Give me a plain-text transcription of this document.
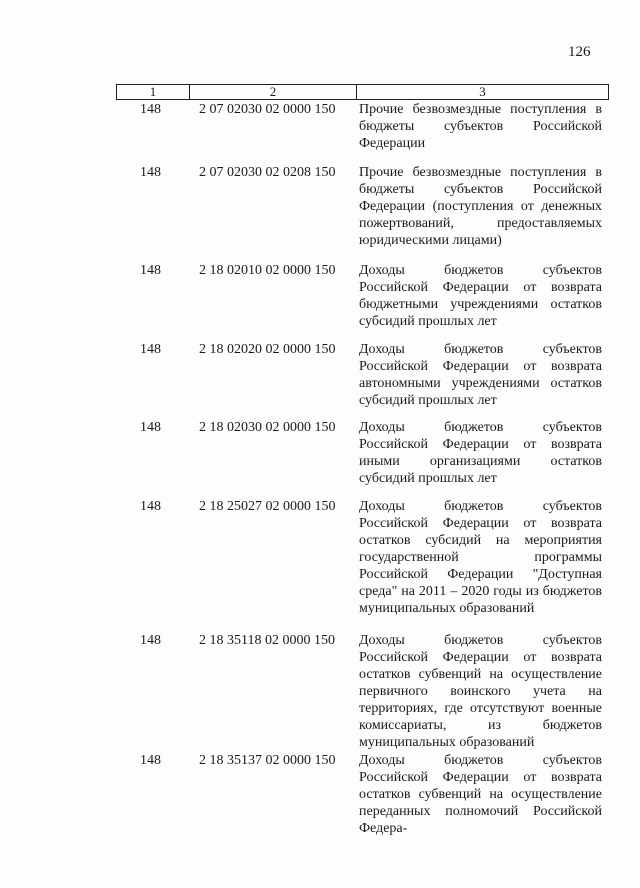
126
1	2	3
148	2 07 02030 02 0000 150 Прочие безвозмездные поступления в бюджеты субъектов Российской Федерации
148	2 07 02030 02 0208 150 Прочие безвозмездные поступления в бюджеты субъектов Российской Федерации (поступления от денежных пожертвований, предоставляемых юридическими лицами)
148	2 18 02010 02 0000 150 Доходы бюджетов субъектов Российской Федерации от возврата бюджетными учреждениями остатков субсидий прошлых лет
148	2 18 02020 02 0000 150 Доходы бюджетов субъектов Российской Федерации от возврата автономными учреждениями остатков субсидий прошлых лет
148	2 18 02030 02 0000 150 Доходы бюджетов субъектов Российской Федерации от возврата иными организациями остатков субсидий прошлых лет
148	2 18 25027 02 0000 150 Доходы бюджетов субъектов Российской Федерации от возврата остатков субсидий на мероприятия государственной программы Российской Федерации "Доступная среда" на 2011 – 2020 годы из бюджетов муниципальных образований
148	2 18 35118 02 0000 150 Доходы бюджетов субъектов Российской Федерации от возврата остатков субвенций на осуществление первичного воинского учета на территориях, где отсутствуют военные комиссариаты, из бюджетов муниципальных образований
148	2 18 35137 02 0000 150 Доходы бюджетов субъектов Российской Федерации от возврата остатков субвенций на осуществление переданных полномочий Российской Федера-
